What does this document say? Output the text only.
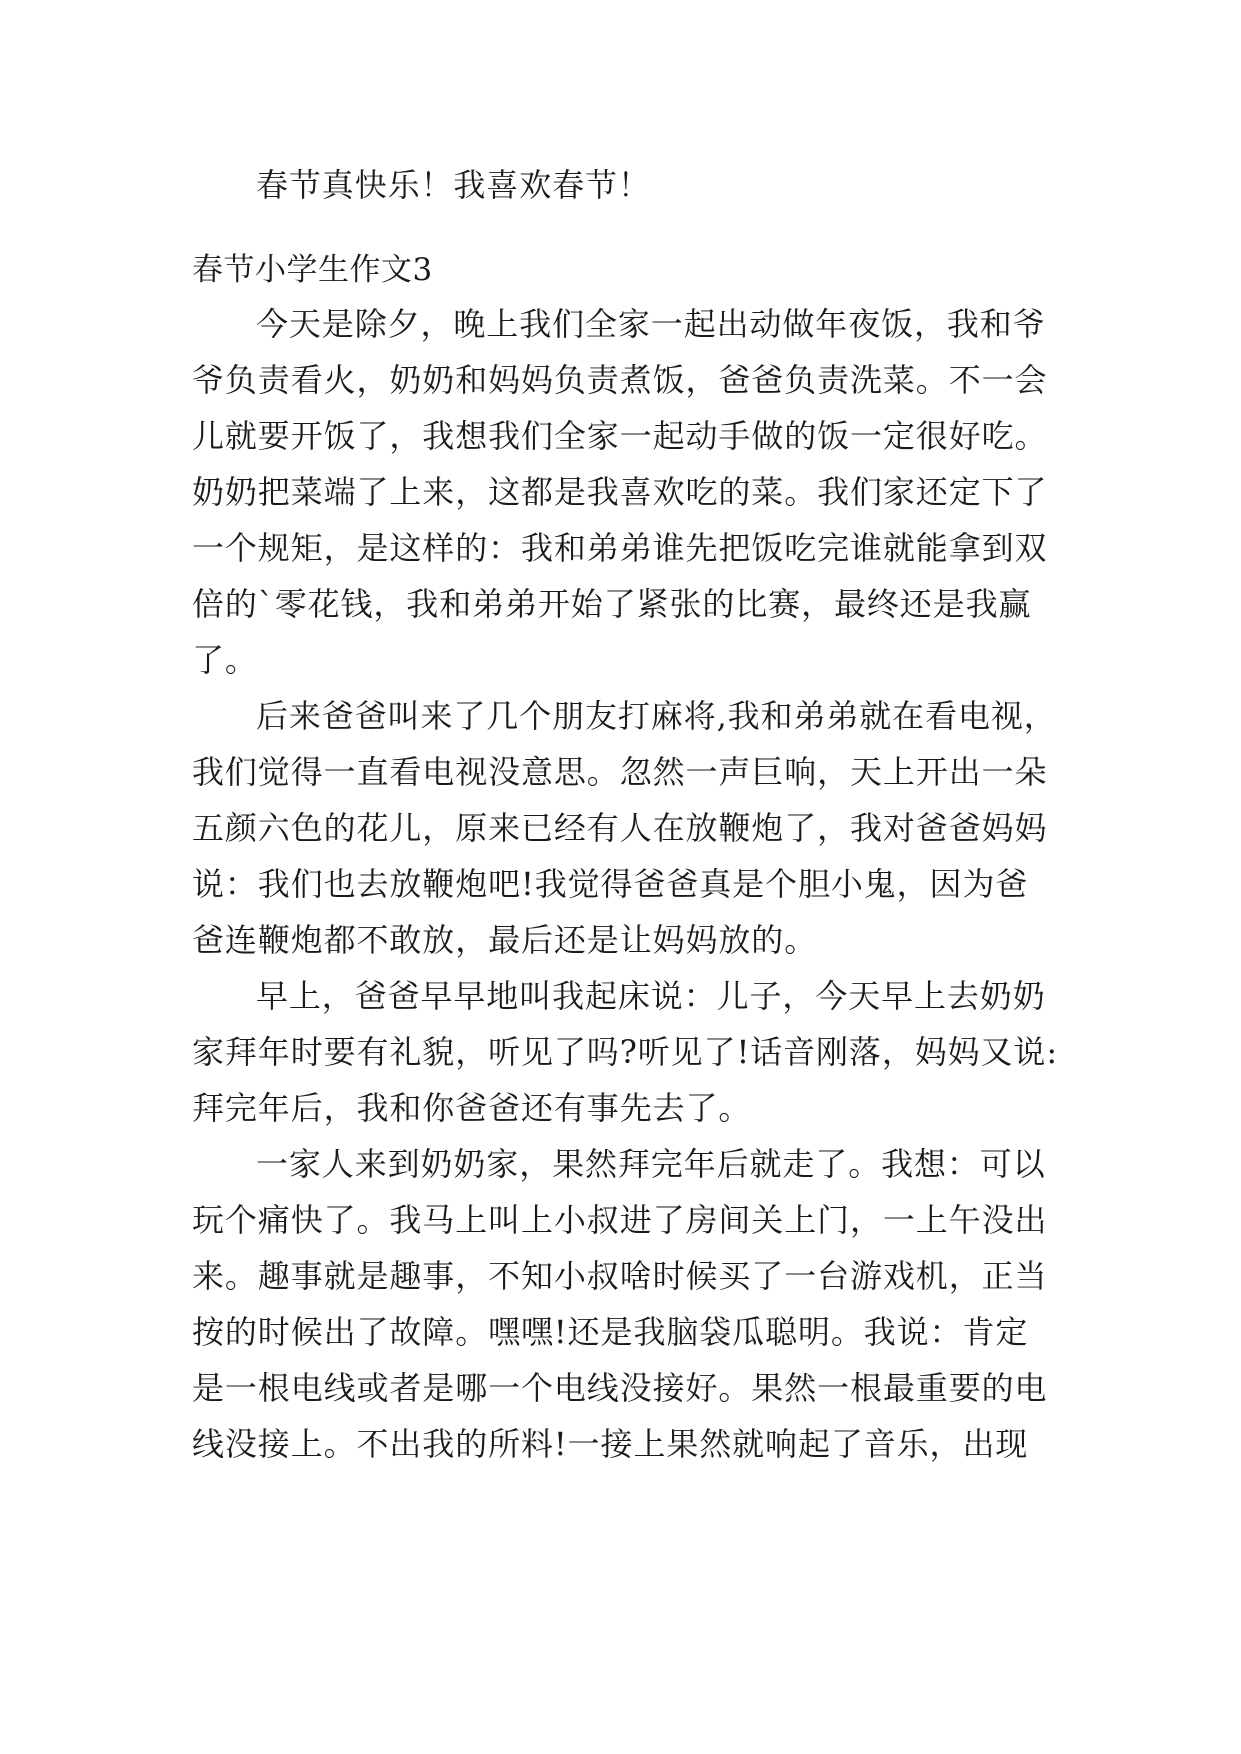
春节真快乐！我喜欢春节！
春节小学生作文3
今天是除夕，晚上我们全家一起出动做年夜饭，我和爷
爷负责看火，奶奶和妈妈负责煮饭，爸爸负责洗菜。不一会
儿就要开饭了，我想我们全家一起动手做的饭一定很好吃。
奶奶把菜端了上来，这都是我喜欢吃的菜。我们家还定下了
一个规矩，是这样的：我和弟弟谁先把饭吃完谁就能拿到双
倍的`零花钱，我和弟弟开始了紧张的比赛，最终还是我赢
了。
后来爸爸叫来了几个朋友打麻将,我和弟弟就在看电视，
我们觉得一直看电视没意思。忽然一声巨响，天上开出一朵
五颜六色的花儿，原来已经有人在放鞭炮了，我对爸爸妈妈
说：我们也去放鞭炮吧!我觉得爸爸真是个胆小鬼，因为爸
爸连鞭炮都不敢放，最后还是让妈妈放的。
早上，爸爸早早地叫我起床说：儿子，今天早上去奶奶
家拜年时要有礼貌，听见了吗?听见了!话音刚落，妈妈又说:
拜完年后，我和你爸爸还有事先去了。
一家人来到奶奶家，果然拜完年后就走了。我想：可以
玩个痛快了。我马上叫上小叔进了房间关上门，一上午没出
来。趣事就是趣事，不知小叔啥时候买了一台游戏机，正当
按的时候出了故障。嘿嘿!还是我脑袋瓜聪明。我说：肯定
是一根电线或者是哪一个电线没接好。果然一根最重要的电
线没接上。不出我的所料!一接上果然就响起了音乐，出现
